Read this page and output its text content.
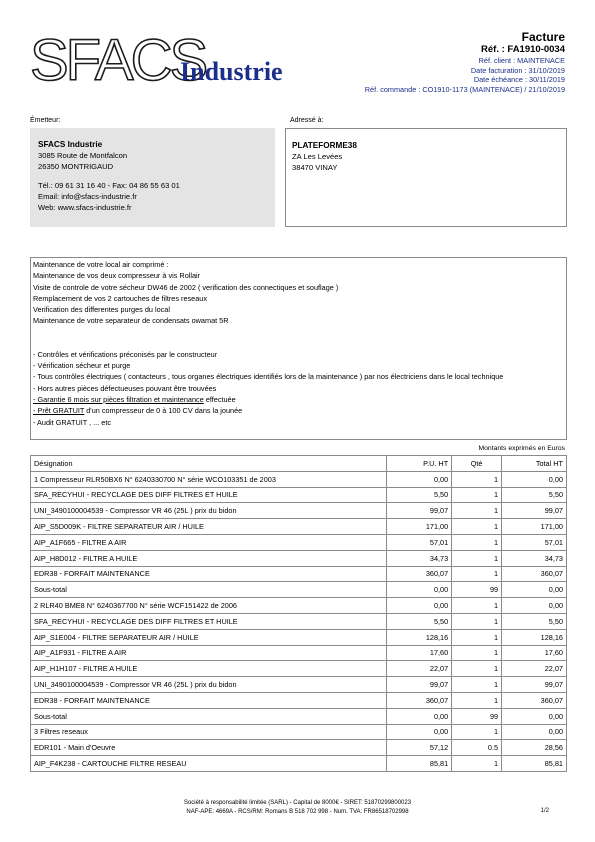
SFACS
Industrie
Facture
Réf. : FA1910-0034
Réf. client : MAINTENACE
Date facturation : 31/10/2019
Date échéance : 30/11/2019
Réf. commande : CO1910-1173 (MAINTENACE) / 21/10/2019
Émetteur:	Adressé à:
SFACS Industrie
3085 Route de Montfalcon
26350 MONTRIGAUD
Tél.: 09 61 31 16 40 - Fax: 04 86 55 63 01
Email: info@sfacs-industrie.fr
Web: www.sfacs-industrie.fr
PLATEFORME38
ZA Les Levées
38470 VINAY
Maintenance de votre local air comprimé :
Maintenance de vos deux compresseur à vis Rollair
Visite de controle de votre sécheur DW46 de 2002 ( verification des connectiques et souflage )
Remplacement de vos 2 cartouches de filtres reseaux
Verification des differentes purges du local
Maintenance de votre separateur de condensats owamat 5R
- Contrôles et vérifications préconisés par le constructeur
- Vérification sécheur et purge
- Tous contrôles électriques ( contacteurs , tous organes électriques identifiés lors de la maintenance ) par nos électriciens dans le local technique
- Hors autres pièces défectueuses pouvant être trouvées
- Garantie 6 mois sur pièces filtration et maintenance effectuée
- Prêt GRATUIT d'un compresseur de 0 à 100 CV dans la jounée
- Audit GRATUIT , ... etc
Montants exprimés en Euros
Désignation	P.U. HT	Qté	Total HT
1 Compresseur RLR50BX6 N° 6240330700 N° série WCO103351 de 2003	0,00	1	0,00
SFA_RECYHUI - RECYCLAGE DES DIFF FILTRES ET HUILE	5,50	1	5,50
UNI_3490100004539 - Compressor VR 46 (25L ) prix du bidon	99,07	1	99,07
AIP_S5D009K - FILTRE SEPARATEUR AIR / HUILE	171,00	1	171,00
AIP_A1F665 - FILTRE A AIR	57,01	1	57,01
AIP_H8D012 - FILTRE A HUILE	34,73	1	34,73
EDR38 - FORFAIT MAINTENANCE	360,07	1	360,07
Sous-total	0,00	99	0,00
2 RLR40 BME8 N° 6240367700 N° série WCF151422 de 2006	0,00	1	0,00
SFA_RECYHUI - RECYCLAGE DES DIFF FILTRES ET HUILE	5,50	1	5,50
AIP_S1E004 - FILTRE SEPARATEUR AIR / HUILE	128,16	1	128,16
AIP_A1F931 - FILTRE A AIR	17,60	1	17,60
AIP_H1H107 - FILTRE A HUILE	22,07	1	22,07
UNI_3490100004539 - Compressor VR 46 (25L ) prix du bidon	99,07	1	99,07
EDR38 - FORFAIT MAINTENANCE	360,07	1	360,07
Sous-total	0,00	99	0,00
3 Filtres reseaux	0,00	1	0,00
EDR101 - Main d'Oeuvre	57,12	0.5	28,56
AIP_F4K238 - CARTOUCHE FILTRE RESEAU	85,81	1	85,81
Société à responsabilité limitée (SARL) - Capital de 8000€ - SIRET: 51870299800023
NAF-APE: 4669A - RCS/RM: Romans B 518 702 998 - Num. TVA: FR86518702998	1/2
